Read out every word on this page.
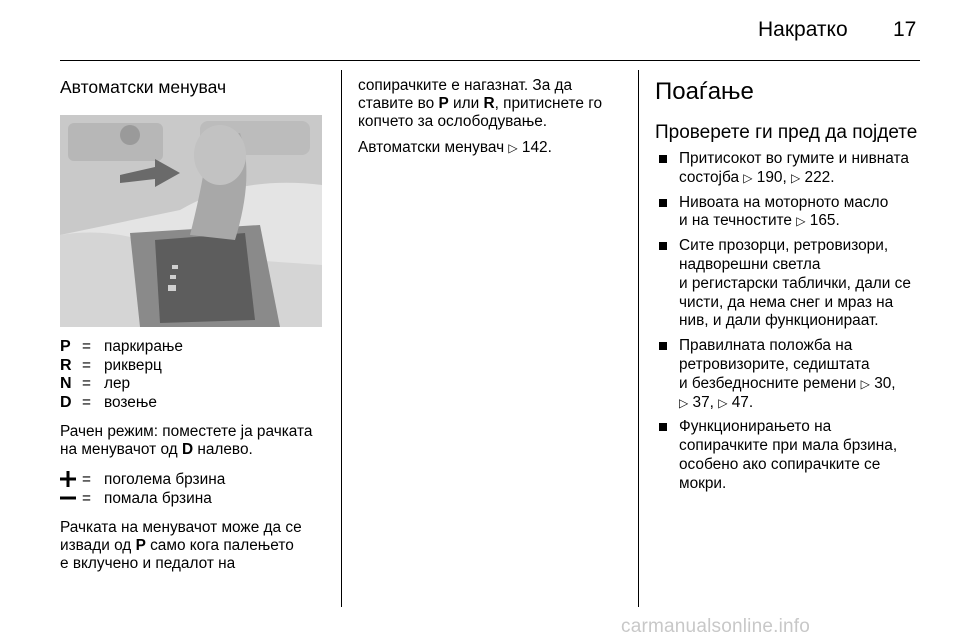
Накратко 17
Автоматски менувач
P = паркирање
R = рикверц
N = лер
D = возење

Рачен режим: поместете ја рачката
на менувачот од D налево.

= поголема брзина
= помала брзина

Рачката на менувачот може да се
извади од P само кога палењето
е вклучено и педалот на

сопирачките е нагазнат. За да
ставите во P или R, притиснете го
копчето за ослободување.

Автоматски менувач ▷ 142.

Поаѓање
Проверете ги пред да појдете
Притисокот во гумите и нивната
состојба ▷ 190, ▷ 222.
Нивоата на моторното масло
и на течностите ▷ 165.
Сите прозорци, ретровизори,
надворешни светла
и регистарски таблички, дали се
чисти, да нема снег и мраз на
нив, и дали функционираат.
Правилната положба на
ретровизорите, седиштата
и безбедносните ремени ▷ 30,
▷ 37, ▷ 47.
Функционирањето на
сопирачките при мала брзина,
особено ако сопирачките се
мокри.
carmanualsonline.info
